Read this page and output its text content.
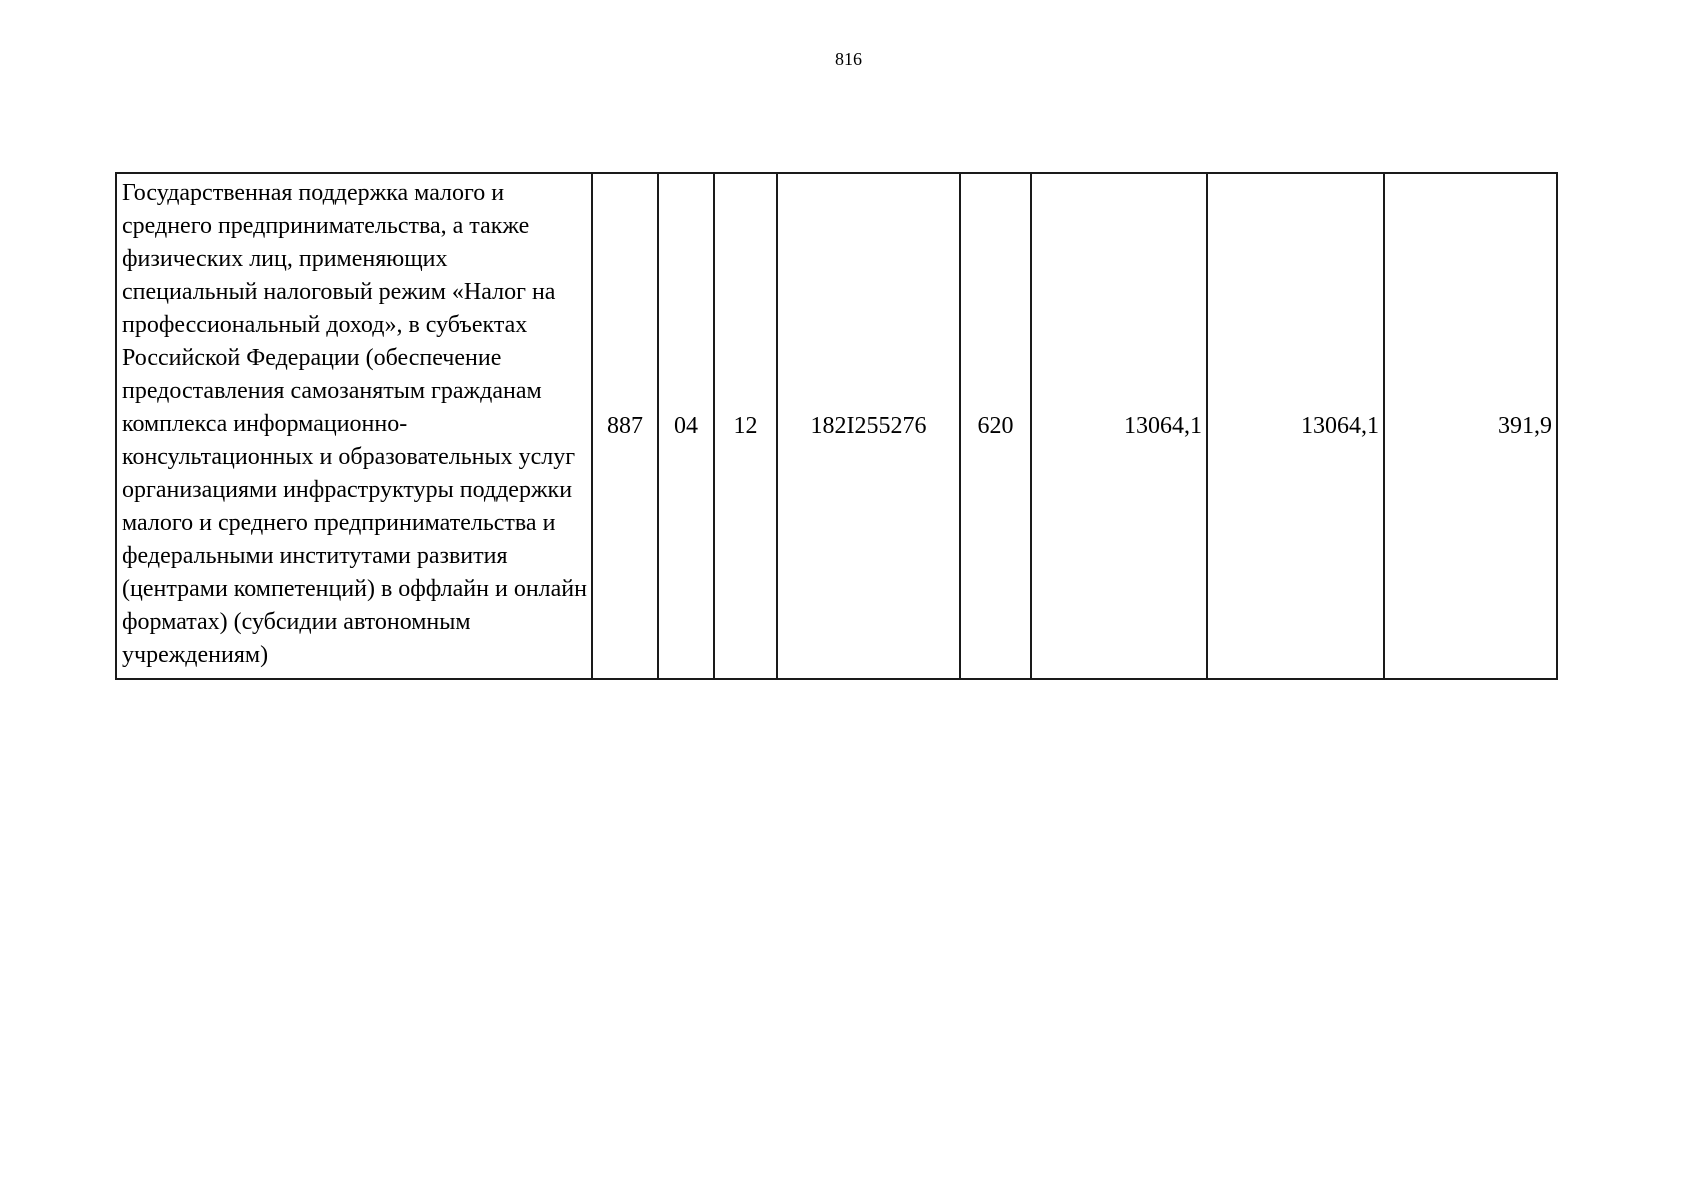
816
Государственная поддержка малого и среднего предпринимательства, а также физических лиц, применяющих специальный налоговый режим «Налог на профессиональный доход», в субъектах Российской Федерации (обеспечение предоставления самозанятым гражданам комплекса информационно-консультационных и образовательных услуг организациями инфраструктуры поддержки малого и среднего предпринимательства и федеральными институтами развития (центрами компетенций) в оффлайн и онлайн форматах) (субсидии автономным учреждениям)	887	04	12	182I255276	620	13064,1	13064,1	391,9
